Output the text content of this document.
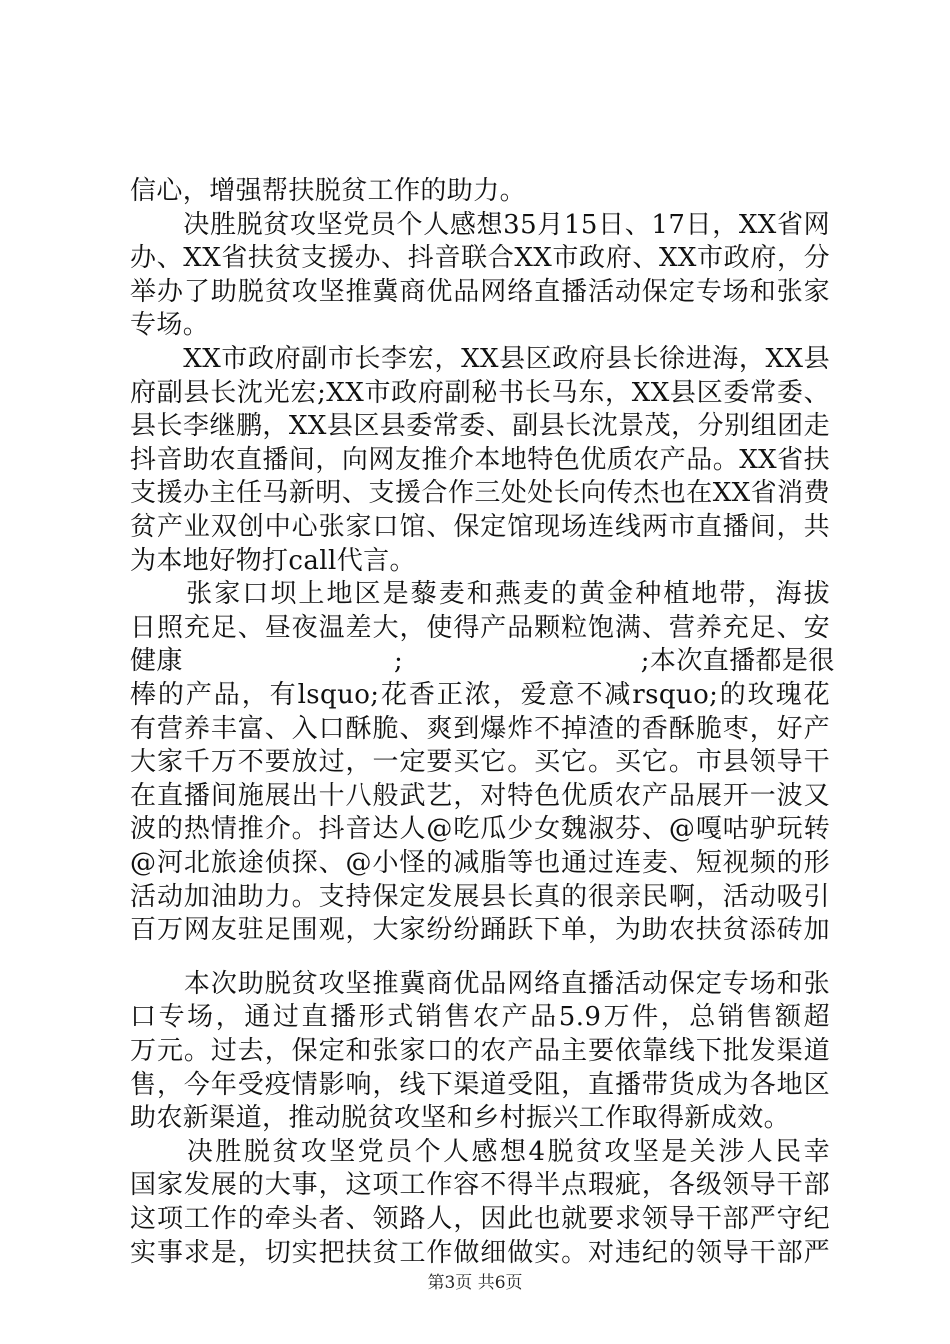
第3页 共6页
信心，增强帮扶脱贫工作的助力。
　　决胜脱贫攻坚党员个人感想35月15日、17日，XX省网
办、XX省扶贫支援办、抖音联合XX市政府、XX市政府，分
举办了助脱贫攻坚推冀商优品网络直播活动保定专场和张家
专场。
　　XX市政府副市长李宏，XX县区政府县长徐进海，XX县
府副县长沈光宏;XX市政府副秘书长马东，XX县区委常委、
县长李继鹏，XX县区县委常委、副县长沈景茂，分别组团走
抖音助农直播间，向网友推介本地特色优质农产品。XX省扶
支援办主任马新明、支援合作三处处长向传杰也在XX省消费
贫产业双创中心张家口馆、保定馆现场连线两市直播间，共
为本地好物打call代言。
　　张家口坝上地区是藜麦和燕麦的黄金种植地带，海拔
日照充足、昼夜温差大，使得产品颗粒饱满、营养充足、安
健康　　　　　　　　;　　　　　　　　　;本次直播都是很
棒的产品，有lsquo;花香正浓，爱意不减rsquo;的玫瑰花
有营养丰富、入口酥脆、爽到爆炸不掉渣的香酥脆枣，好产
大家千万不要放过，一定要买它。买它。买它。市县领导干
在直播间施展出十八般武艺，对特色优质农产品展开一波又
波的热情推介。抖音达人@吃瓜少女魏淑芬、@嘎咕驴玩转
@河北旅途侦探、@小怪的减脂等也通过连麦、短视频的形
活动加油助力。支持保定发展县长真的很亲民啊，活动吸引
百万网友驻足围观，大家纷纷踊跃下单，为助农扶贫添砖加
　　本次助脱贫攻坚推冀商优品网络直播活动保定专场和张
口专场，通过直播形式销售农产品5.9万件，总销售额超
万元。过去，保定和张家口的农产品主要依靠线下批发渠道
售，今年受疫情影响，线下渠道受阻，直播带货成为各地区
助农新渠道，推动脱贫攻坚和乡村振兴工作取得新成效。
　　决胜脱贫攻坚党员个人感想4脱贫攻坚是关涉人民幸
国家发展的大事，这项工作容不得半点瑕疵，各级领导干部
这项工作的牵头者、领路人，因此也就要求领导干部严守纪
实事求是，切实把扶贫工作做细做实。对违纪的领导干部严
